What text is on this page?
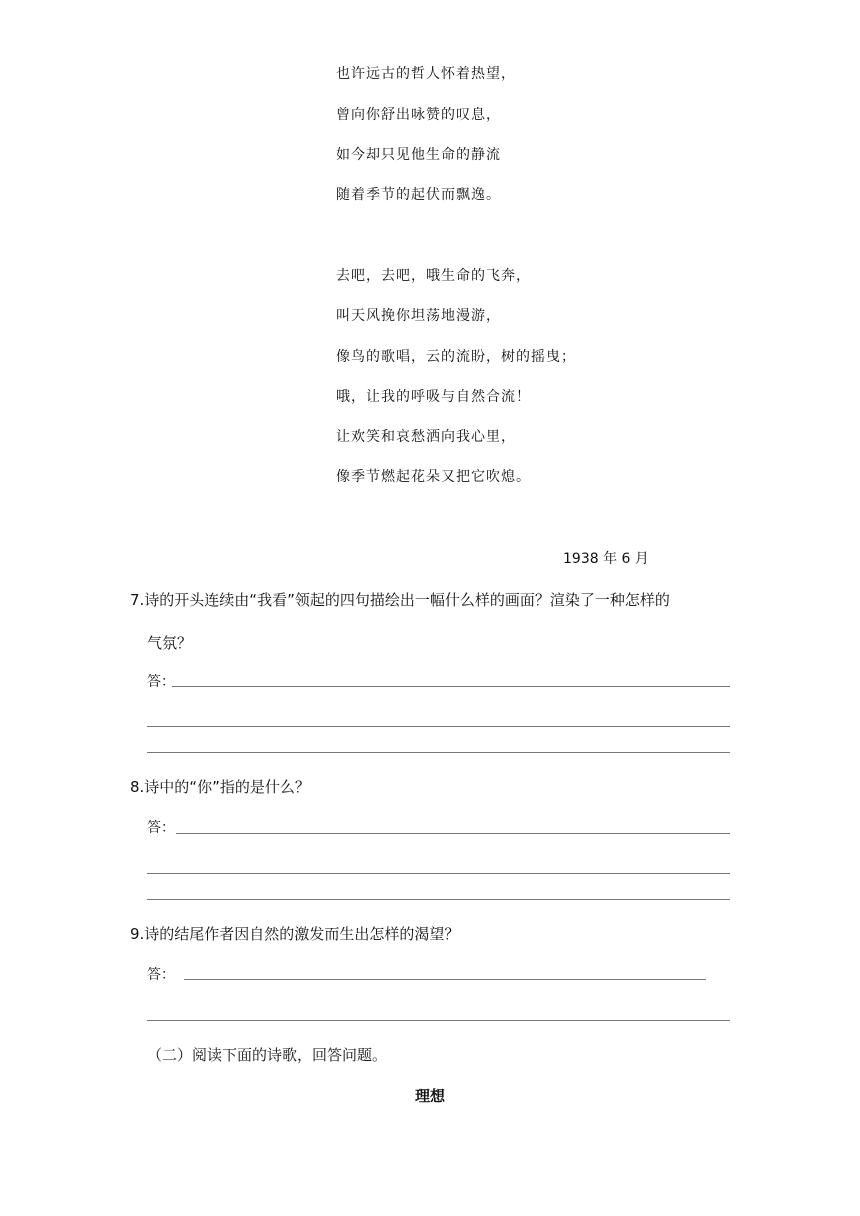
也许远古的哲人怀着热望，
曾向你舒出咏赞的叹息，
如今却只见他生命的静流
随着季节的起伏而飘逸。
去吧，去吧，哦生命的飞奔，
叫天风挽你坦荡地漫游，
像鸟的歌唱，云的流盼，树的摇曳；
哦，让我的呼吸与自然合流！
让欢笑和哀愁洒向我心里，
像季节燃起花朵又把它吹熄。
1938 年 6 月
7.诗的开头连续由“我看”领起的四句描绘出一幅什么样的画面？渲染了一种怎样的
气氛？
答：
8.诗中的“你”指的是什么？
答：
9.诗的结尾作者因自然的激发而生出怎样的渴望？
答：
（二）阅读下面的诗歌，回答问题。
理想
